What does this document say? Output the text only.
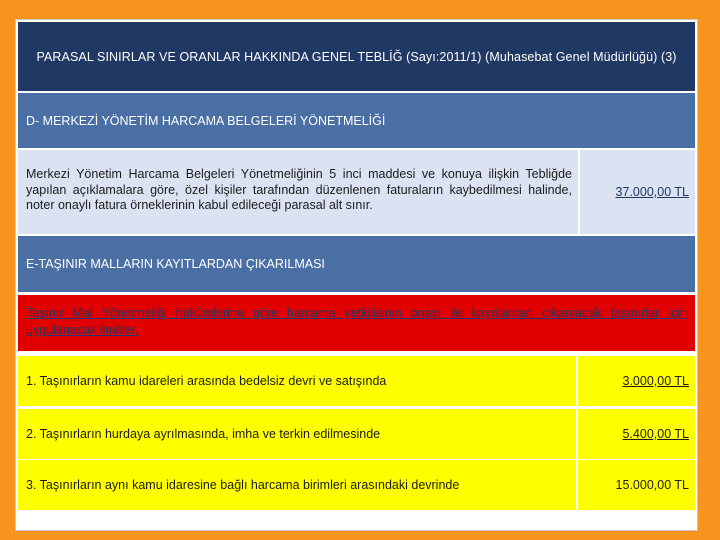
PARASAL SINIRLAR VE ORANLAR HAKKINDA GENEL TEBLİĞ (Sayı:2011/1) (Muhasebat Genel Müdürlüğü) (3)
D- MERKEZİ YÖNETİM HARCAMA BELGELERİ YÖNETMELİĞİ
Merkezi Yönetim Harcama Belgeleri Yönetmeliğinin 5 inci maddesi ve konuya ilişkin Tebliğde yapılan açıklamalara göre, özel kişiler tarafından düzenlenen faturaların kaybedilmesi halinde, noter onaylı fatura örneklerinin kabul edileceği parasal alt sınır.
37.000,00 TL
E-TAŞINIR MALLARIN KAYITLARDAN ÇIKARILMASI
Taşınır Mal Yönetmeliği hükümlerine göre harcama yetkilisinin onayı ile kayıtlardan çıkarılacak taşınırlar için uygulanacak limitler.
1. Taşınırların kamu idareleri arasında bedelsiz devri ve satışında	3.000,00 TL
2. Taşınırların hurdaya ayrılmasında, imha ve terkin edilmesinde	5.400,00 TL
3. Taşınırların aynı kamu idaresine bağlı harcama birimleri arasındaki devrinde	15.000,00 TL
